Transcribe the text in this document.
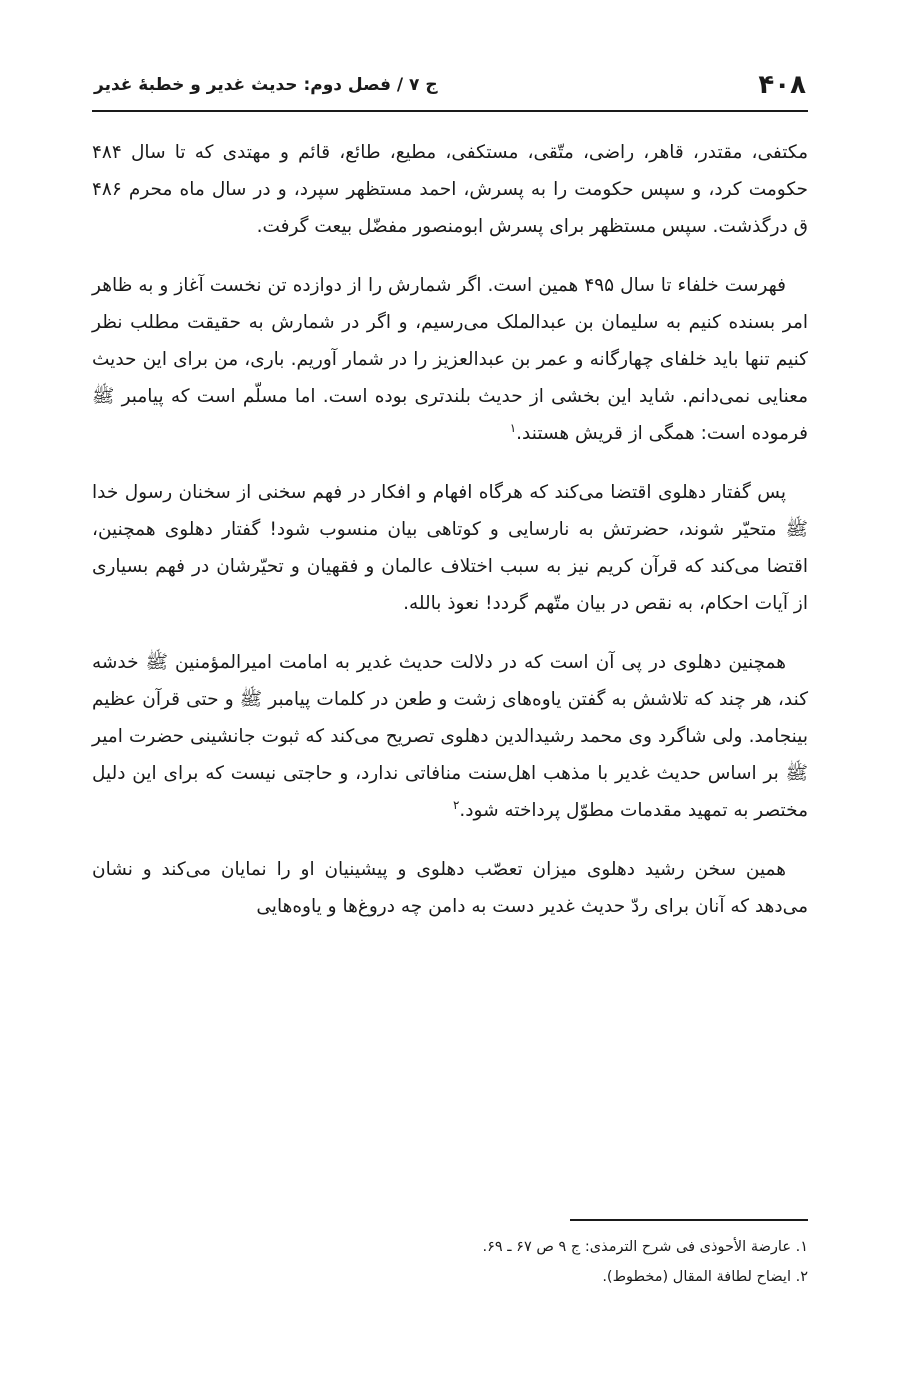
۴۰۸
ج ۷ / فصل دوم: حدیث غدیر و خطبهٔ غدیر

مکتفی، مقتدر، قاهر، راضی، متّقی، مستکفی، مطیع، طائع، قائم و مهتدی که تا سال ۴۸۴ حکومت کرد، و سپس حکومت را به پسرش، احمد مستظهر سپرد، و در سال ماه محرم ۴۸۶ ق درگذشت. سپس مستظهر برای پسرش ابومنصور مفضّل بیعت گرفت.

فهرست خلفاء تا سال ۴۹۵ همین است. اگر شمارش را از دوازده تن نخست آغاز و به ظاهر امر بسنده کنیم به سلیمان بن عبدالملک می‌رسیم، و اگر در شمارش به حقیقت مطلب نظر کنیم تنها باید خلفای چهارگانه و عمر بن عبدالعزیز را در شمار آوریم. باری، من برای این حدیث معنایی نمی‌دانم. شاید این بخشی از حدیث بلندتری بوده است. اما مسلّم است که پیامبر ﷺ فرموده است: همگی از قریش هستند.$^۱$

پس گفتار دهلوی اقتضا می‌کند که هرگاه افهام و افکار در فهم سخنی از سخنان رسول خدا ﷺ متحیّر شوند، حضرتش به نارسایی و کوتاهی بیان منسوب شود! گفتار دهلوی همچنین، اقتضا می‌کند که قرآن کریم نیز به سبب اختلاف عالمان و فقهیان و تحیّرشان در فهم بسیاری از آیات احکام، به نقص در بیان متّهم گردد! نعوذ بالله.

همچنین دهلوی در پی آن است که در دلالت حدیث غدیر به امامت امیرالمؤمنین ﷺ خدشه کند، هر چند که تلاشش به گفتن یاوه‌های زشت و طعن در کلمات پیامبر ﷺ و حتی قرآن عظیم بینجامد. ولی شاگرد وی محمد رشیدالدین دهلوی تصریح می‌کند که ثبوت جانشینی حضرت امیر ﷺ بر اساس حدیث غدیر با مذهب اهل‌سنت منافاتی ندارد، و حاجتی نیست که برای این دلیل مختصر به تمهید مقدمات مطوّل پرداخته شود.$^۲$

همین سخن رشید دهلوی میزان تعصّب دهلوی و پیشینیان او را نمایان می‌کند و نشان می‌دهد که آنان برای ردّ حدیث غدیر دست به دامن چه دروغ‌ها و یاوه‌هایی

۱. عارضة الأحوذی فی شرح الترمذی: ج ۹ ص ۶۷ ـ ۶۹.
۲. ایضاح لطافة المقال (مخطوط).
